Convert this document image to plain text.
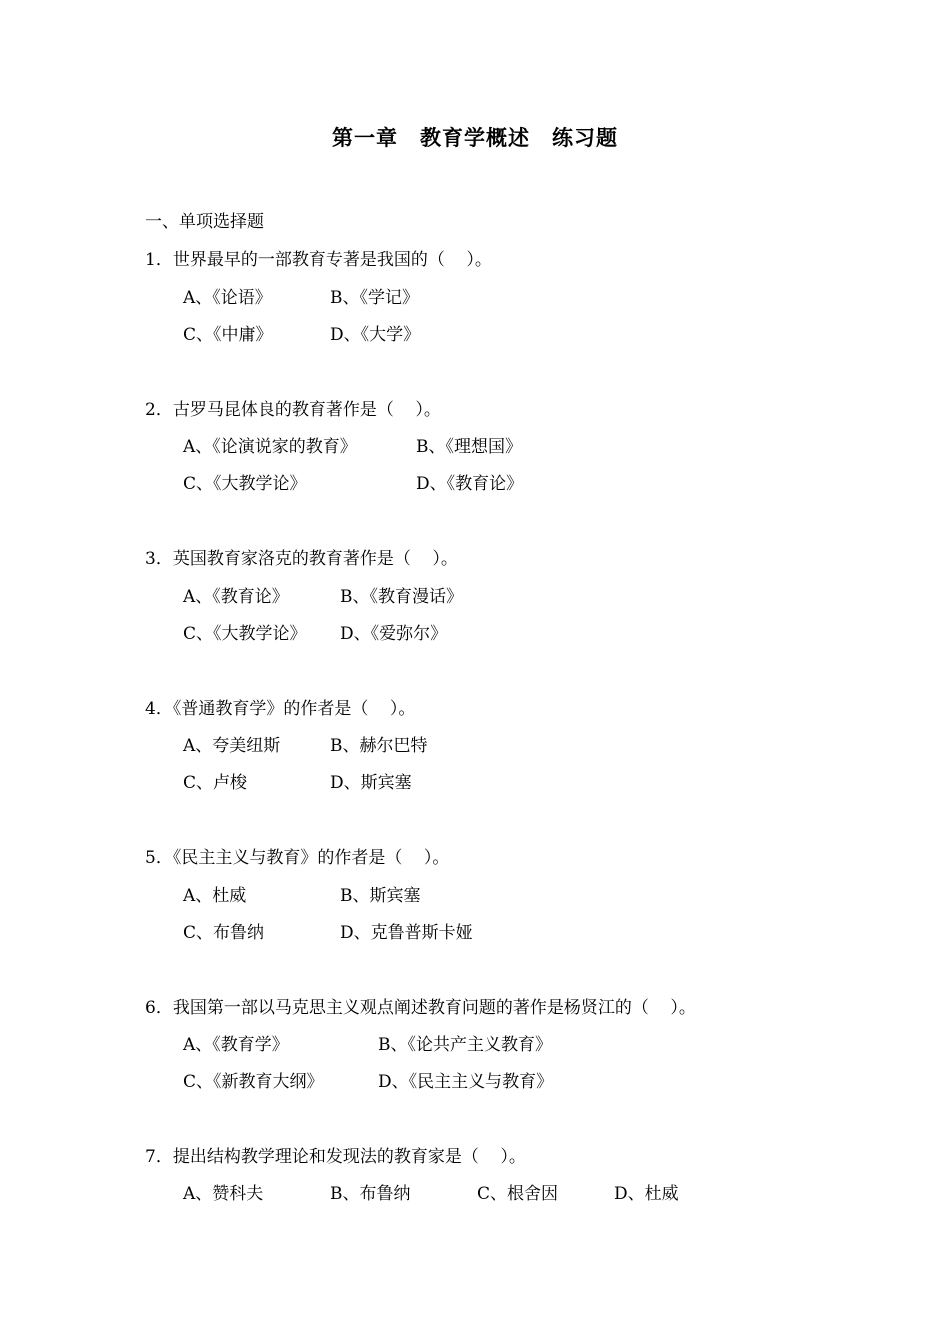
第一章　教育学概述　练习题
一、单项选择题
1．世界最早的一部教育专著是我国的（    ）。
A、《论语》	B、《学记》
C、《中庸》	D、《大学》
2．古罗马昆体良的教育著作是（    ）。
A、《论演说家的教育》	B、《理想国》
C、《大教学论》	D、《教育论》
3．英国教育家洛克的教育著作是（    ）。
A、《教育论》	B、《教育漫话》
C、《大教学论》 D、《爱弥尔》
4．《普通教育学》的作者是（    ）。
A、夸美纽斯	B、赫尔巴特
C、卢梭	D、斯宾塞
5．《民主主义与教育》的作者是（    ）。
A、杜威	B、斯宾塞
C、布鲁纳	D、克鲁普斯卡娅
6．我国第一部以马克思主义观点阐述教育问题的著作是杨贤江的（    ）。
A、《教育学》	B、《论共产主义教育》
C、《新教育大纲》	D、《民主主义与教育》
7．提出结构教学理论和发现法的教育家是（    ）。
A、赞科夫	B、布鲁纳	C、根舍因	D、杜威
